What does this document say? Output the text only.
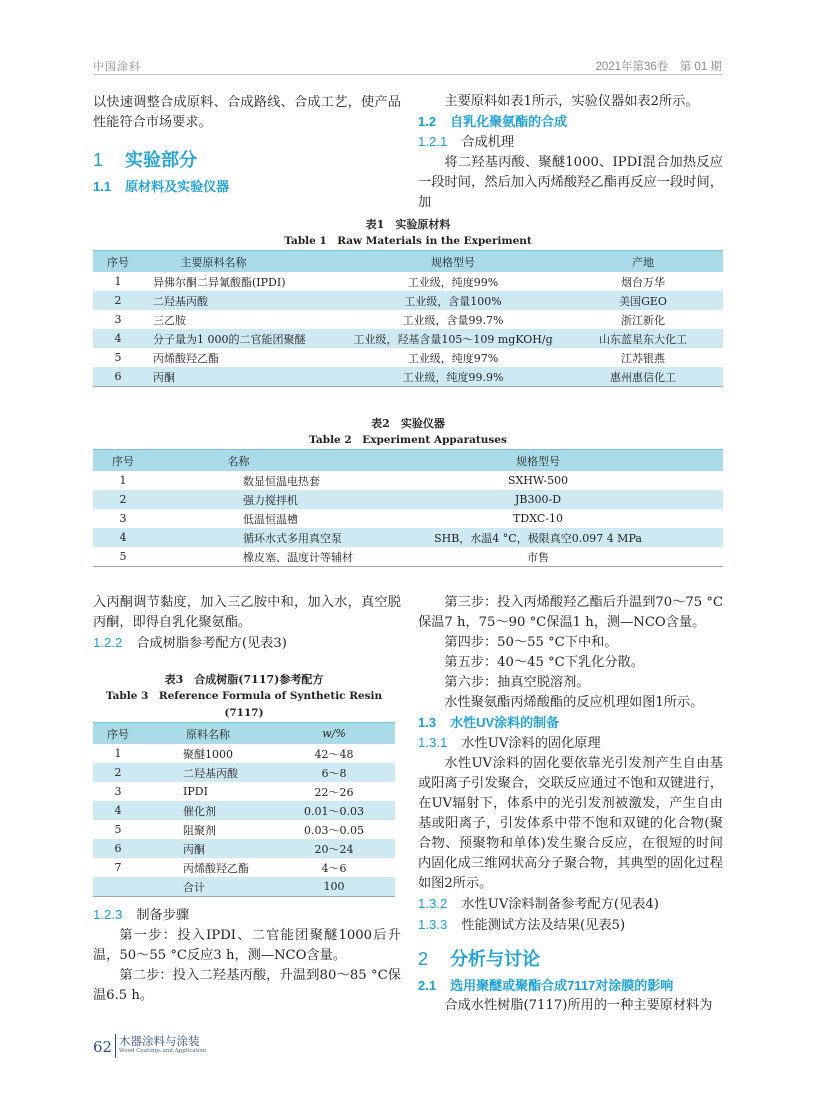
中国涂料	2021年第36卷　第 01 期

以快速调整合成原料、合成路线、合成工艺，使产品性能符合市场要求。

1 实验部分
1.1 原材料及实验仪器

主要原料如表1所示，实验仪器如表2所示。

1.2 自乳化聚氨酯的合成
1.2.1 合成机理

将二羟基丙酸、聚醚1000、IPDI混合加热反应一段时间，然后加入丙烯酸羟乙酯再反应一段时间，加

表1　实验原材料
Table 1　Raw Materials in the Experiment
序号	主要原料名称	规格型号	产地
1	异佛尔酮二异氰酸酯(IPDI)	工业级，纯度99%	烟台万华
2	二羟基丙酸	工业级，含量100%	美国GEO
3	三乙胺	工业级，含量99.7%	浙江新化
4	分子量为1 000的二官能团聚醚	工业级，羟基含量105～109 mgKOH/g	山东蓝星东大化工
5	丙烯酸羟乙酯	工业级，纯度97%	江苏银燕
6	丙酮	工业级，纯度99.9%	惠州惠信化工
表2　实验仪器
Table 2　Experiment Apparatuses
序号	名称	规格型号
1	数显恒温电热套	SXHW-500
2	强力搅拌机	JB300-D
3	低温恒温槽	TDXC-10
4	循环水式多用真空泵	SHB，水温4 °C，极限真空0.097 4 MPa
5	橡皮塞、温度计等辅材	市售

入丙酮调节黏度，加入三乙胺中和，加入水，真空脱丙酮，即得自乳化聚氨酯。

1.2.2 合成树脂参考配方(见表3)
表3　合成树脂(7117)参考配方
Table 3　Reference Formula of Synthetic Resin (7117)
序号	原料名称	w/%
1	聚醚1000	42～48
2	二羟基丙酸	6～8
3	IPDI	22～26
4	催化剂	0.01～0.03
5	阻聚剂	0.03～0.05
6	丙酮	20～24
7	丙烯酸羟乙酯	4～6
	合计	100
1.2.3 制备步骤

第一步：投入IPDI、二官能团聚醚1000后升温，50～55 °C反应3 h，测—NCO含量。

第二步：投入二羟基丙酸，升温到80～85 °C保温6.5 h。

第三步：投入丙烯酸羟乙酯后升温到70～75 °C保温7 h，75～90 °C保温1 h，测—NCO含量。

第四步：50～55 °C下中和。

第五步：40～45 °C下乳化分散。

第六步：抽真空脱溶剂。

水性聚氨酯丙烯酸酯的反应机理如图1所示。

1.3 水性UV涂料的制备
1.3.1 水性UV涂料的固化原理

水性UV涂料的固化要依靠光引发剂产生自由基或阳离子引发聚合，交联反应通过不饱和双键进行，在UV辐射下，体系中的光引发剂被激发，产生自由基或阳离子，引发体系中带不饱和双键的化合物(聚合物、预聚物和单体)发生聚合反应，在很短的时间内固化成三维网状高分子聚合物，其典型的固化过程如图2所示。

1.3.2 水性UV涂料制备参考配方(见表4)
1.3.3 性能测试方法及结果(见表5)
2 分析与讨论
2.1 选用聚醚或聚酯合成7117对涂膜的影响

合成水性树脂(7117)所用的一种主要原材料为

62 木器涂料与涂装
Wood Coatings and Application
